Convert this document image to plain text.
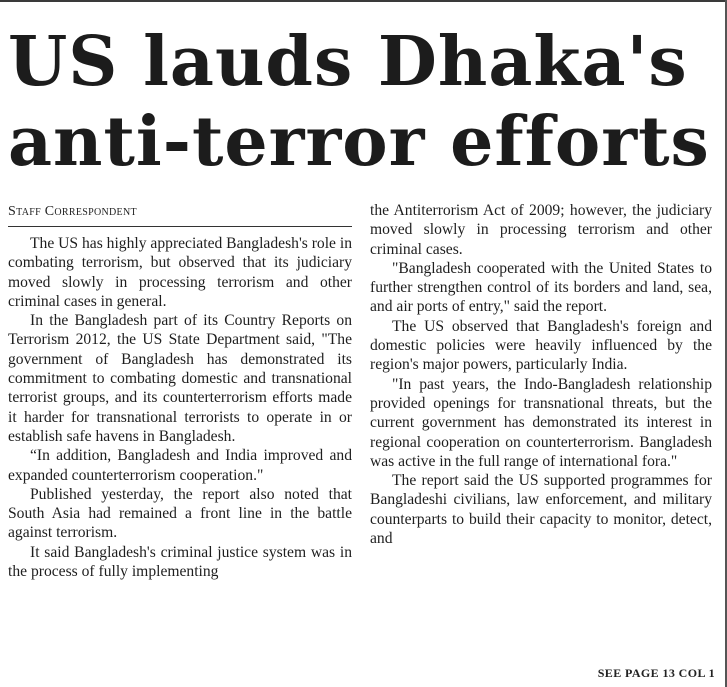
US lauds Dhaka's
anti-terror efforts
Staff Correspondent

The US has highly appreciated Bangladesh's role in combating terrorism, but observed that its judiciary moved slowly in processing terrorism and other criminal cases in general.

In the Bangladesh part of its Country Reports on Terrorism 2012, the US State Department said, "The government of Bangladesh has demonstrated its commitment to combating domestic and transnational terrorist groups, and its counterterrorism efforts made it harder for transnational terrorists to operate in or establish safe havens in Bangladesh.

“In addition, Bangladesh and India improved and expanded counterterrorism cooperation."

Published yesterday, the report also noted that South Asia had remained a front line in the battle against terrorism.

It said Bangladesh's criminal justice system was in the process of fully implementing

the Antiterrorism Act of 2009; however, the judiciary moved slowly in processing terrorism and other criminal cases.

"Bangladesh cooperated with the United States to further strengthen control of its borders and land, sea, and air ports of entry," said the report.

The US observed that Bangladesh's foreign and domestic policies were heavily influenced by the region's major powers, particularly India.

"In past years, the Indo-Bangladesh relationship provided openings for transnational threats, but the current government has demonstrated its interest in regional cooperation on counterterrorism. Bangladesh was active in the full range of international fora."

The report said the US supported programmes for Bangladeshi civilians, law enforcement, and military counterparts to build their capacity to monitor, detect, and

SEE PAGE 13 COL 1
